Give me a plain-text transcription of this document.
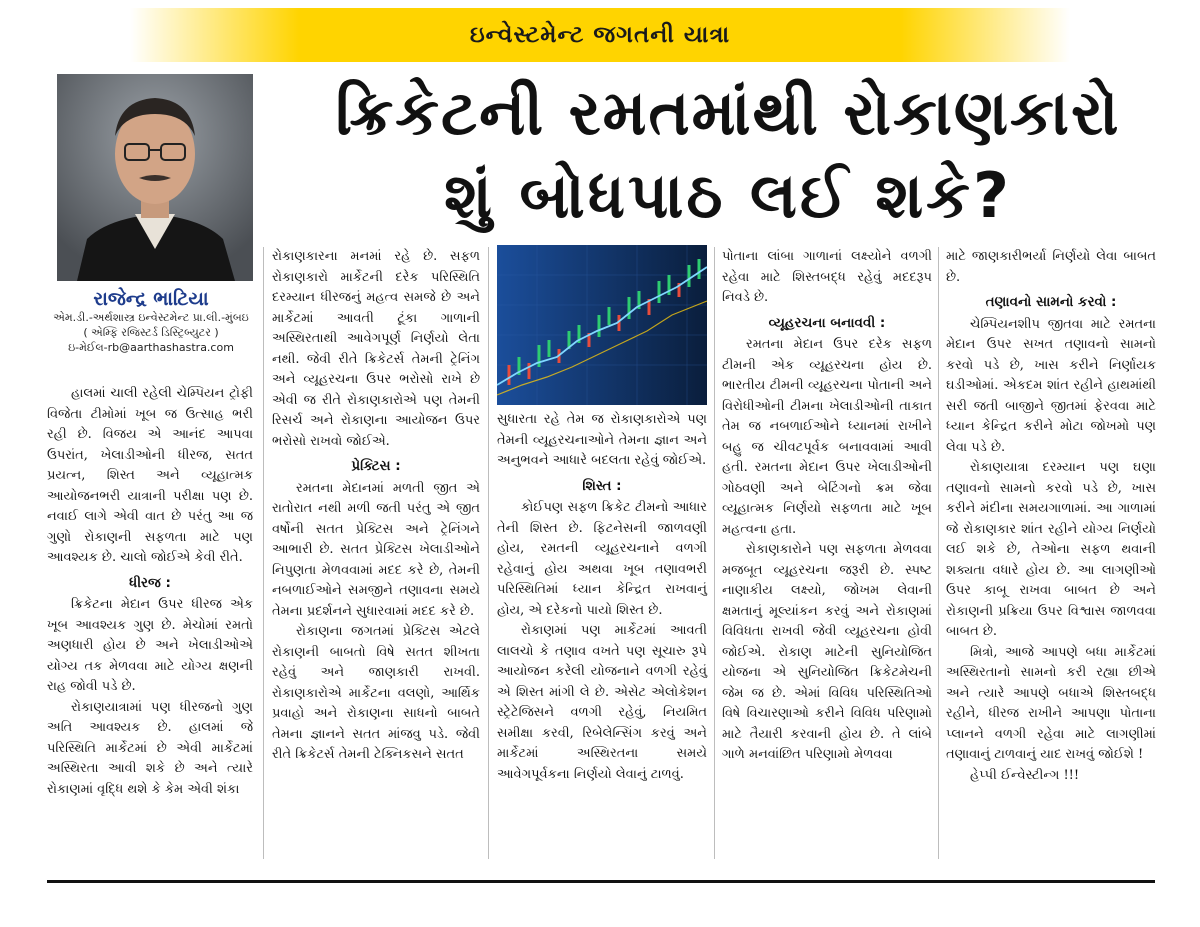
ઇન્વેસ્ટમેન્ટ જગતની યાત્રા
ક્રિકેટની રમતમાંથી રોકાણકારો
શું બોધપાઠ લઈ શકે?
રાજેન્દ્ર ભાટિયા
એમ.ડી.-અર્થશાસ્ત્ર ઇન્વેસ્ટમેન્ટ પ્રા.લી.-મુંબઇ
( એમ્ફિ રજિસ્ટર્ડ ડિસ્ટ્રિબ્યુટર )
ઇ-મેઈલ-rb@aarthashastra.com

હાલમાં ચાલી રહેલી ચેમ્પિયન ટ્રોફી વિજેતા ટીમોમાં ખૂબ જ ઉત્સાહ ભરી રહી છે. વિજય એ આનંદ આપવા ઉપરાંત, ખેલાડીઓની ધીરજ, સતત પ્રયત્ન, શિસ્ત અને વ્યૂહાત્મક આયોજનભરી યાત્રાની પરીક્ષા પણ છે. નવાઈ લાગે એવી વાત છે પરંતુ આ જ ગુણો રોકાણની સફળતા માટે પણ આવશ્યક છે. ચાલો જોઈએ કેવી રીતે.

ધીરજ :

ક્રિકેટના મેદાન ઉપર ધીરજ એક ખૂબ આવશ્યક ગુણ છે. મેચોમાં રમતો અણધારી હોય છે અને ખેલાડીઓએ યોગ્ય તક મેળવવા માટે યોગ્ય ક્ષણની રાહ જોવી પડે છે.

રોકાણયાત્રામાં પણ ધીરજનો ગુણ અતિ આવશ્યક છે. હાલમાં જે પરિસ્થિતિ માર્કેટમાં છે એવી માર્કેટમાં અસ્થિરતા આવી શકે છે અને ત્યારે રોકાણમાં વૃદ્ધિ થશે કે કેમ એવી શંકા

રોકાણકારના મનમાં રહે છે. સફળ રોકાણકારો માર્કેટની દરેક પરિસ્થિતિ દરમ્યાન ધીરજનું મહત્વ સમજે છે અને માર્કેટમાં આવતી ટૂંકા ગાળાની અસ્થિરતાથી આવેગપૂર્ણ નિર્ણયો લેતા નથી. જેવી રીતે ક્રિકેટર્સ તેમની ટ્રેનિંગ અને વ્યૂહરચના ઉપર ભરોસો રાખે છે એવી જ રીતે રોકાણકારોએ પણ તેમની રિસર્ચ અને રોકાણના આયોજન ઉપર ભરોસો રાખવો જોઈએ.

પ્રેક્ટિસ :

રમતના મેદાનમાં મળતી જીત એ રાતોરાત નથી મળી જતી પરંતુ એ જીત વર્ષોની સતત પ્રેક્ટિસ અને ટ્રેનિંગને આભારી છે. સતત પ્રેક્ટિસ ખેલાડીઓને નિપુણતા મેળવવામાં મદદ કરે છે, તેમની નબળાઈઓને સમજીને તણાવના સમયે તેમના પ્રદર્શનને સુધારવામાં મદદ કરે છે.

રોકાણના જગતમાં પ્રેક્ટિસ એટલે રોકાણની બાબતો વિષે સતત શીખતા રહેવું અને જાણકારી રાખવી. રોકાણકારોએ માર્કેટના વલણો, આર્થિક પ્રવાહો અને રોકાણના સાધનો બાબતે તેમના જ્ઞાનને સતત માંજવુ પડે. જેવી રીતે ક્રિકેટર્સ તેમની ટેક્નિકસને સતત

સુધારતા રહે તેમ જ રોકાણકારોએ પણ તેમની વ્યૂહરચનાઓને તેમના જ્ઞાન અને અનુભવને આધારે બદલતા રહેવું જોઈએ.

શિસ્ત :

કોઈપણ સફળ ક્રિકેટ ટીમનો આધાર તેની શિસ્ત છે. ફિટનેસની જાળવણી હોય, રમતની વ્યૂહરચનાને વળગી રહેવાનું હોય અથવા ખૂબ તણાવભરી પરિસ્થિતિમાં ધ્યાન કેન્દ્રિત રાખવાનું હોય, એ દરેકનો પાયો શિસ્ત છે.

રોકાણમાં પણ માર્કેટમાં આવતી લાલચો કે તણાવ વખતે પણ સૂચારુ રૂપે આયોજન કરેલી યોજનાને વળગી રહેવું એ શિસ્ત માંગી લે છે. એસેટ એલોકેશન સ્ટ્રેટેજિસને વળગી રહેવું, નિયમિત સમીક્ષા કરવી, રિબેલેન્સિંગ કરવું અને માર્કેટમાં અસ્થિરતના સમયે આવેગપૂર્વકના નિર્ણયો લેવાનું ટાળવું.

પોતાના લાંબા ગાળાનાં લક્ષ્યોને વળગી રહેવા માટે શિસ્તબદ્ધ રહેવું મદદરૂપ નિવડે છે.

વ્યૂહરચના બનાવવી :

રમતના મેદાન ઉપર દરેક સફળ ટીમની એક વ્યૂહરચના હોય છે. ભારતીય ટીમની વ્યૂહરચના પોતાની અને વિરોધીઓની ટીમના ખેલાડીઓની તાકાત તેમ જ નબળાઈઓને ધ્યાનમાં રાખીને બહુ જ ચીવટપૂર્વક બનાવવામાં આવી હતી. રમતના મેદાન ઉપર ખેલાડીઓની ગોઠવણી અને બેટિંગનો ક્રમ જેવા વ્યૂહાત્મક નિર્ણયો સફળતા માટે ખૂબ મહત્વના હતા.

રોકાણકારોને પણ સફળતા મેળવવા મજબૂત વ્યૂહરચના જરૂરી છે. સ્પષ્ટ નાણાકીય લક્ષ્યો, જોખમ લેવાની ક્ષમતાનું મૂલ્યાંકન કરવું અને રોકાણમાં વિવિધતા રાખવી જેવી વ્યૂહરચના હોવી જોઈએ. રોકાણ માટેની સુનિયોજિત યોજના એ સુનિયોજિત ક્રિકેટમેચની જેમ જ છે. એમાં વિવિધ પરિસ્થિતિઓ વિષે વિચારણાઓ કરીને વિવિધ પરિણામો માટે તૈયારી કરવાની હોય છે. તે લાંબે ગાળે મનવાંછિત પરિણામો મેળવવા

માટે જાણકારીભર્યા નિર્ણયો લેવા બાબત છે.

તણાવનો સામનો કરવો :

ચેમ્પિયનશીપ જીતવા માટે રમતના મેદાન ઉપર સખત તણાવનો સામનો કરવો પડે છે, ખાસ કરીને નિર્ણાયક ઘડીઓમાં. એકદમ શાંત રહીને હાથમાંથી સરી જતી બાજીને જીતમાં ફેરવવા માટે ધ્યાન કેન્દ્રિત કરીને મોટા જોખમો પણ લેવા પડે છે.

રોકાણયાત્રા દરમ્યાન પણ ઘણા તણાવનો સામનો કરવો પડે છે, ખાસ કરીને મંદીના સમયગાળામાં. આ ગાળામાં જે રોકાણકાર શાંત રહીને યોગ્ય નિર્ણયો લઈ શકે છે, તેઓના સફળ થવાની શક્યતા વધારે હોય છે. આ લાગણીઓ ઉપર કાબૂ રાખવા બાબત છે અને રોકાણની પ્રક્રિયા ઉપર વિશ્વાસ જાળવવા બાબત છે.

મિત્રો, આજે આપણે બધા માર્કેટમાં અસ્થિરતાનો સામનો કરી રહ્યા છીએ અને ત્યારે આપણે બધાએ શિસ્તબદ્ધ રહીને, ધીરજ રાખીને આપણા પોતાના પ્લાનને વળગી રહેવા માટે લાગણીમાં તણાવાનું ટાળવાનું યાદ રાખવું જોઈશે !

હેપ્પી ઈન્વેસ્ટીન્ગ !!!
